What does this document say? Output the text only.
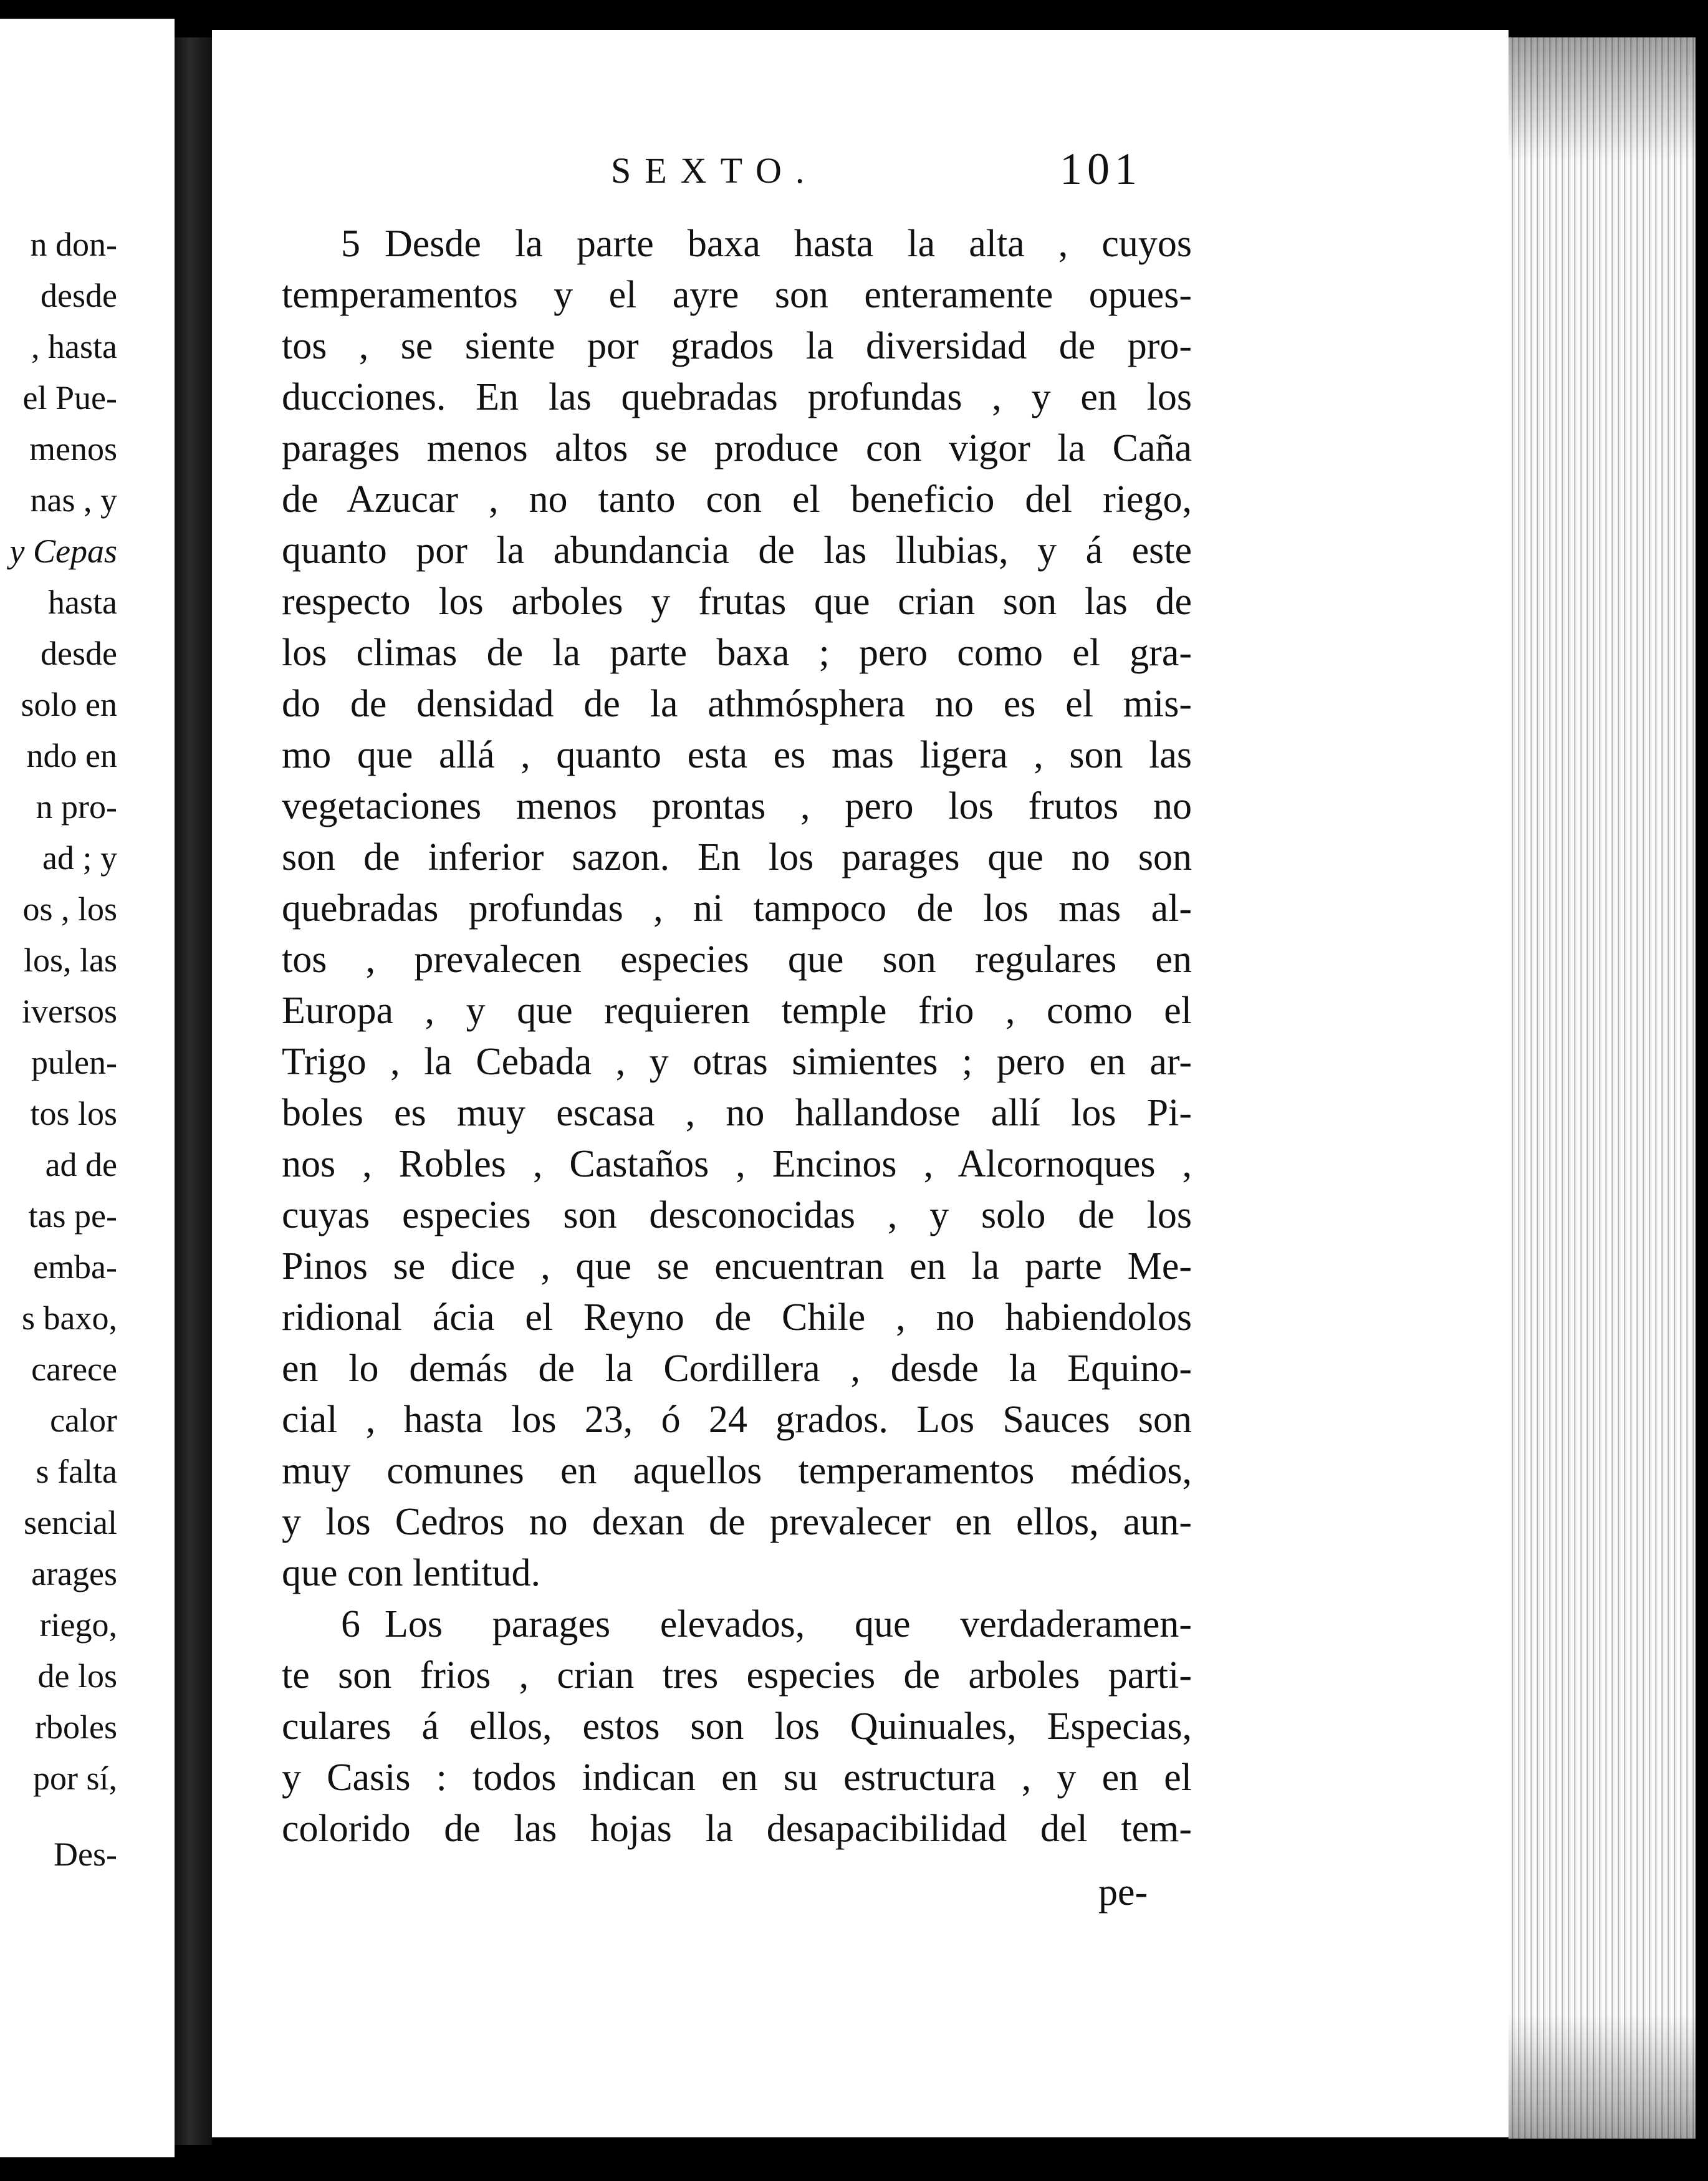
n don-
desde
, hasta
el Pue-
menos
nas , y
y Cepas
hasta
desde
solo en
ndo en
n pro-
ad ; y
os , los
los, las
iversos
pulen-
tos los
ad de
tas pe-
emba-
s baxo,
carece
calor
s falta
sencial
arages
riego,
de los
rboles
por sí,
Des-
SEXTO.	101
5 Desde la parte baxa hasta la alta , cuyos
temperamentos y el ayre son enteramente opues-
tos , se siente por grados la diversidad de pro-
ducciones. En las quebradas profundas , y en los
parages menos altos se produce con vigor la Caña
de Azucar , no tanto con el beneficio del riego,
quanto por la abundancia de las llubias, y á este
respecto los arboles y frutas que crian son las de
los climas de la parte baxa ; pero como el gra-
do de densidad de la athmósphera no es el mis-
mo que allá , quanto esta es mas ligera , son las
vegetaciones menos prontas , pero los frutos no
son de inferior sazon. En los parages que no son
quebradas profundas , ni tampoco de los mas al-
tos , prevalecen especies que son regulares en
Europa , y que requieren temple frio , como el
Trigo , la Cebada , y otras simientes ; pero en ar-
boles es muy escasa , no hallandose allí los Pi-
nos , Robles , Castaños , Encinos , Alcornoques ,
cuyas especies son desconocidas , y solo de los
Pinos se dice , que se encuentran en la parte Me-
ridional ácia el Reyno de Chile , no habiendolos
en lo demás de la Cordillera , desde la Equino-
cial , hasta los 23, ó 24 grados. Los Sauces son
muy comunes en aquellos temperamentos médios,
y los Cedros no dexan de prevalecer en ellos, aun-
que con lentitud.
6 Los parages elevados, que verdaderamen-
te son frios , crian tres especies de arboles parti-
culares á ellos, estos son los Quinuales, Especias,
y Casis : todos indican en su estructura , y en el
colorido de las hojas la desapacibilidad del tem-
pe-
